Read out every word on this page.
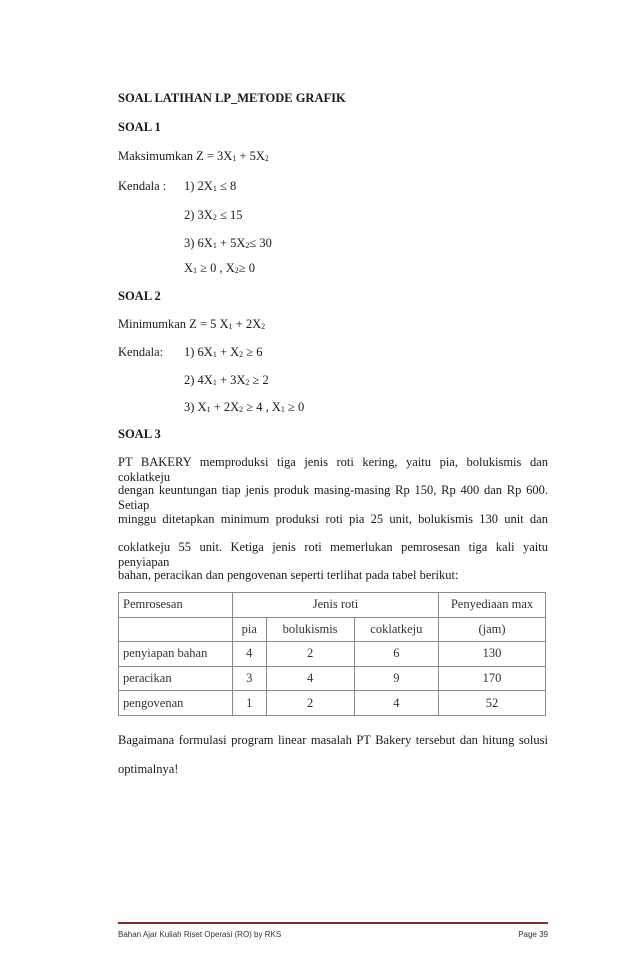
SOAL LATIHAN LP_METODE GRAFIK
SOAL 1
Maksimumkan Z = 3X1 + 5X2
Kendala : 1) 2X1 ≤ 8
2) 3X2 ≤ 15
3) 6X1 + 5X2≤ 30
X1 ≥ 0 , X2≥ 0
SOAL 2
Minimumkan Z = 5 X1 + 2X2
Kendala: 1) 6X1 + X2 ≥ 6
2) 4X1 + 3X2 ≥ 2
3) X1 + 2X2 ≥ 4 , X1 ≥ 0
SOAL 3
PT BAKERY memproduksi tiga jenis roti kering, yaitu pia, bolukismis dan coklatkeju
dengan keuntungan tiap jenis produk masing-masing Rp 150, Rp 400 dan Rp 600. Setiap
minggu ditetapkan minimum produksi roti pia 25 unit, bolukismis 130 unit dan
coklatkeju 55 unit. Ketiga jenis roti memerlukan pemrosesan tiga kali yaitu penyiapan
bahan, peracikan dan pengovenan seperti terlihat pada tabel berikut:
Pemrosesan	Jenis roti			Penyediaan max
	pia	bolukismis	coklatkeju	(jam)
penyiapan bahan	4	2	6	130
peracikan	3	4	9	170
pengovenan	1	2	4	52
Bagaimana formulasi program linear masalah PT Bakery tersebut dan hitung solusi
optimalnya!
Bahan Ajar Kuliah Riset Operasi (RO) by RKS	Page 39
